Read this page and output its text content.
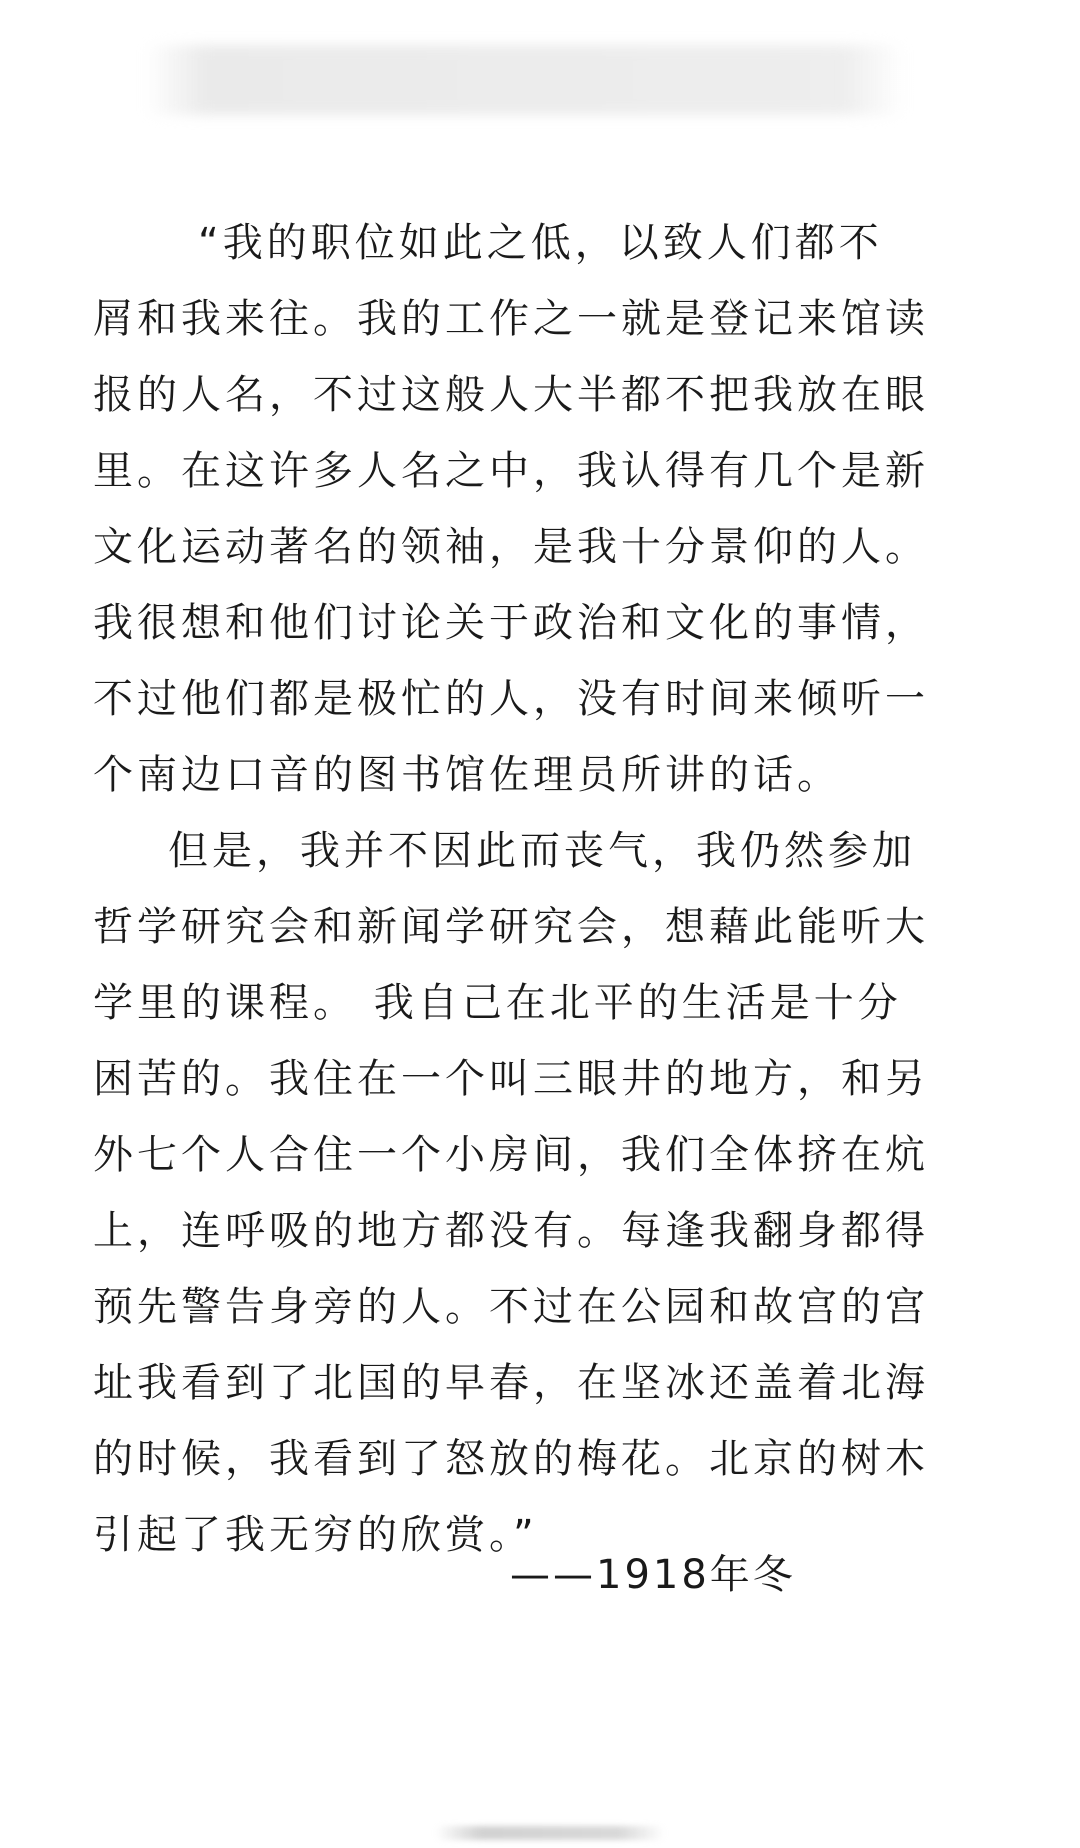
“我的职位如此之低，以致人们都不
屑和我来往。我的工作之一就是登记来馆读
报的人名，不过这般人大半都不把我放在眼
里。在这许多人名之中，我认得有几个是新
文化运动著名的领袖，是我十分景仰的人。
我很想和他们讨论关于政治和文化的事情，
不过他们都是极忙的人，没有时间来倾听一
个南边口音的图书馆佐理员所讲的话。
但是，我并不因此而丧气，我仍然参加
哲学研究会和新闻学研究会，想藉此能听大
学里的课程。 我自己在北平的生活是十分
困苦的。我住在一个叫三眼井的地方，和另
外七个人合住一个小房间，我们全体挤在炕
上，连呼吸的地方都没有。每逢我翻身都得
预先警告身旁的人。不过在公园和故宫的宫
址我看到了北国的早春，在坚冰还盖着北海
的时候，我看到了怒放的梅花。北京的树木
引起了我无穷的欣赏。”
——1918年冬
